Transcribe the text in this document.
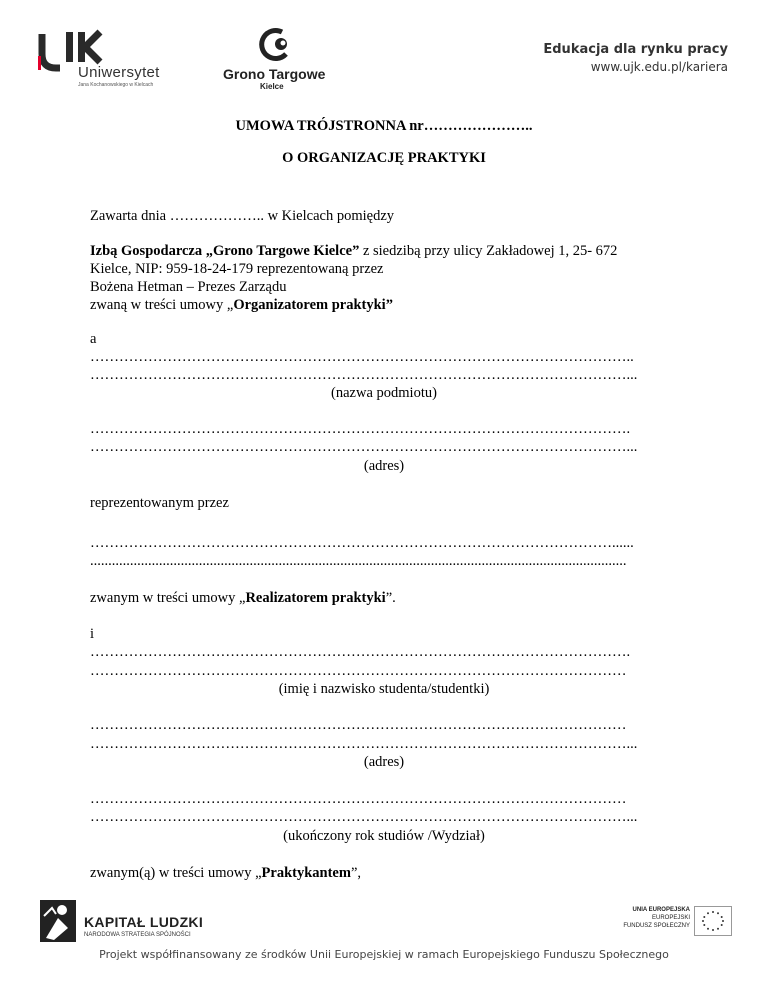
Uniwersytet
Jana Kochanowskiego w Kielcach
Grono Targowe
Kielce
Edukacja dla rynku pracy
www.ujk.edu.pl/kariera
UMOWA TRÓJSTRONNA nr…………………..
O ORGANIZACJĘ PRAKTYKI
Zawarta dnia ……………….. w Kielcach pomiędzy
Izbą Gospodarcza „Grono Targowe Kielce” z siedzibą przy ulicy Zakładowej 1, 25- 672
Kielce, NIP: 959-18-24-179 reprezentowaną przez
Bożena Hetman – Prezes Zarządu
zwaną w treści umowy „Organizatorem praktyki”
a
…………………………………………………………………………………………………..
…………………………………………………………………………………………………...
(nazwa podmiotu)
………………………………………………………………………………………………….
…………………………………………………………………………………………………...
(adres)
reprezentowanym przez
………………………………………………………………………………………………......
....................................................................................................................................................
zwanym w treści umowy „Realizatorem praktyki”.
i
………………………………………………………………………………………………….
…………………………………………………………………………………………………
(imię i nazwisko studenta/studentki)
…………………………………………………………………………………………………
…………………………………………………………………………………………………...
(adres)
…………………………………………………………………………………………………
…………………………………………………………………………………………………...
(ukończony rok studiów /Wydział)
zwanym(ą) w treści umowy „Praktykantem”,
KAPITAŁ LUDZKI
NARODOWA STRATEGIA SPÓJNOŚCI
UNIA EUROPEJSKA
EUROPEJSKI
FUNDUSZ SPOŁECZNY
Projekt współfinansowany ze środków Unii Europejskiej w ramach Europejskiego Funduszu Społecznego
